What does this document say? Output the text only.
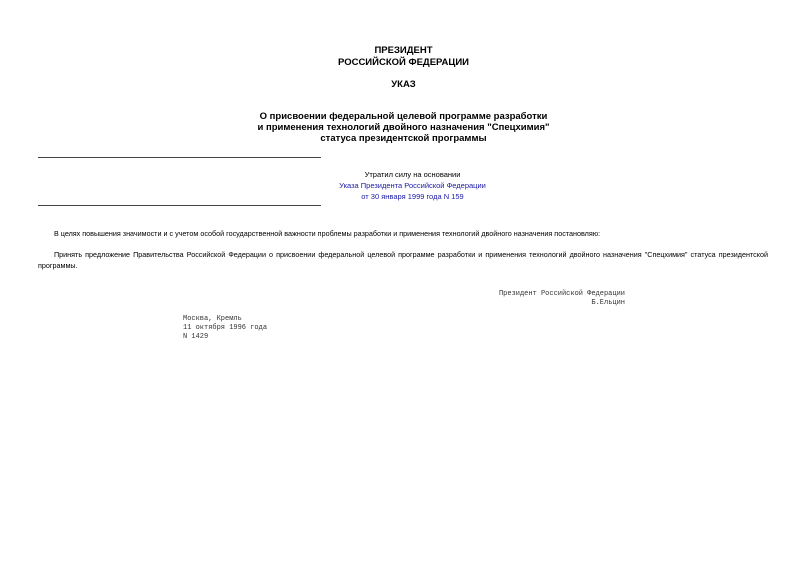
ПРЕЗИДЕНТ
РОССИЙСКОЙ ФЕДЕРАЦИИ
УКАЗ
О присвоении федеральной целевой программе разработки
и применения технологий двойного назначения "Спецхимия"
статуса президентской программы
Утратил силу на основании
Указа Президента Российской Федерации
от 30 января 1999 года N 159
В целях повышения значимости и с учетом особой государственной важности проблемы разработки и применения технологий двойного назначения постановляю:
Принять предложение Правительства Российской Федерации о присвоении федеральной целевой программе разработки и применения технологий двойного назначения "Спецхимия" статуса президентской программы.
Президент Российской Федерации
Б.Ельцин
Москва, Кремль
11 октября 1996 года
N 1429
